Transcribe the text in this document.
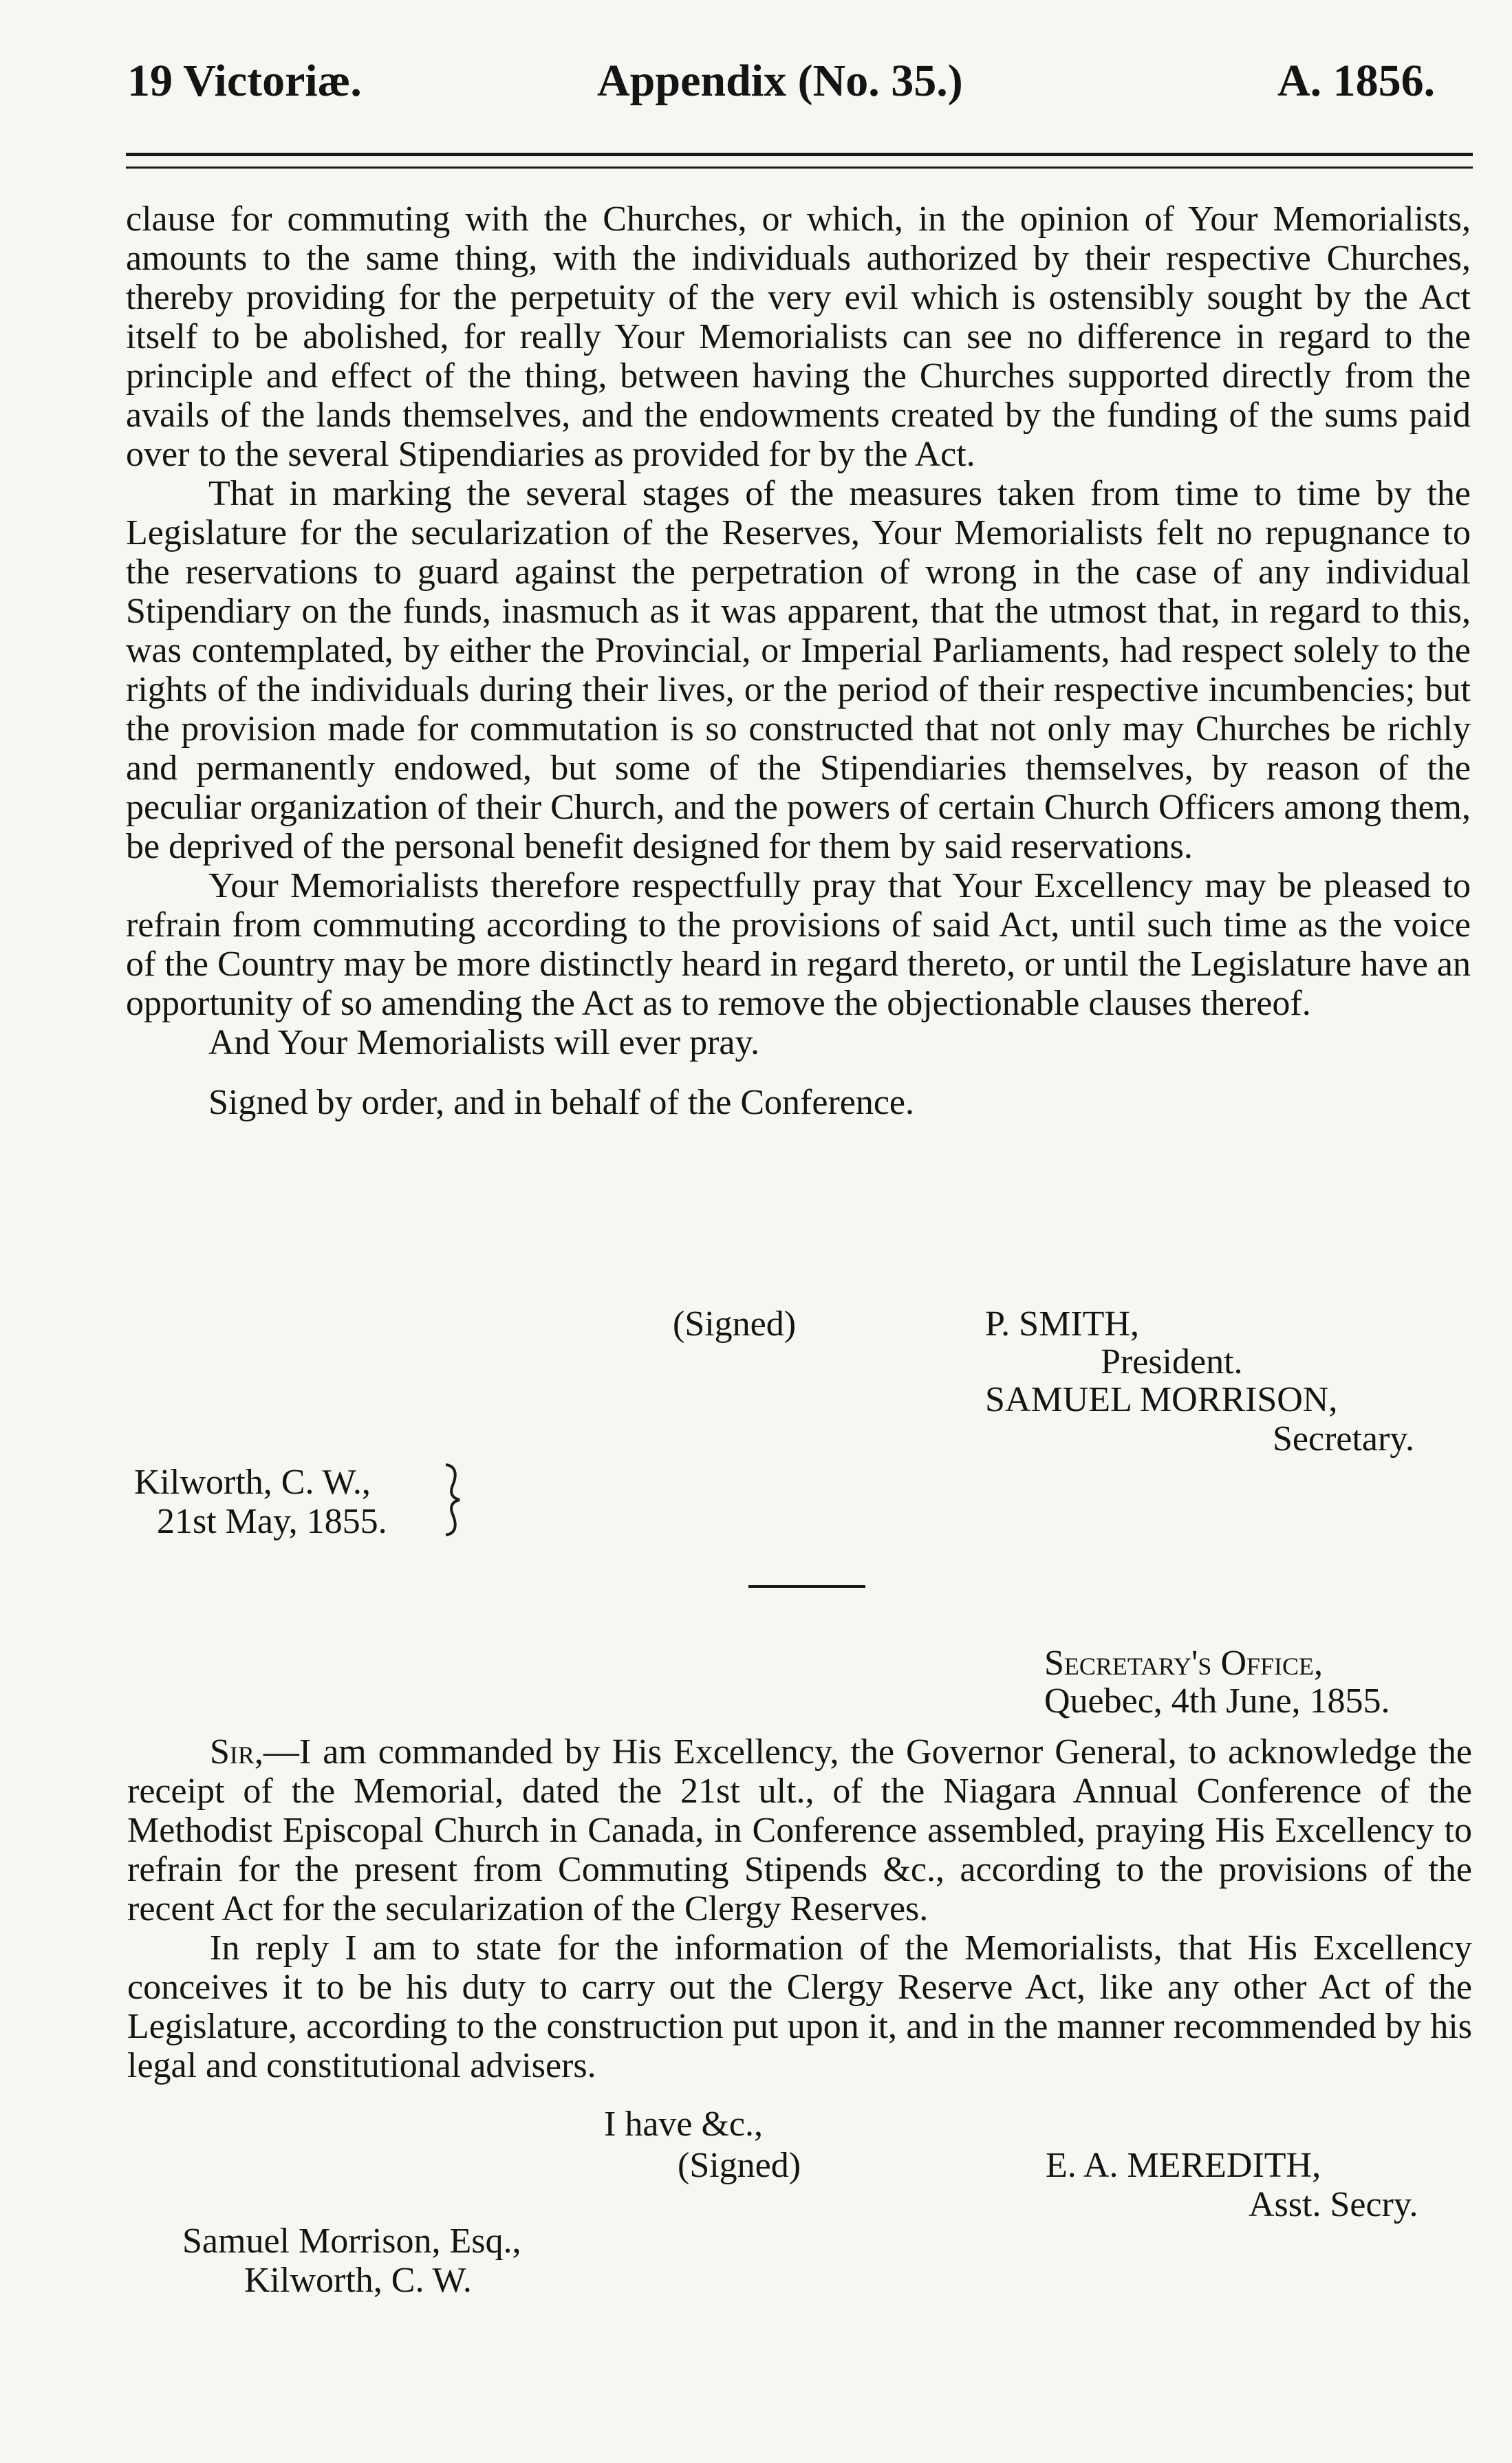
19 Victoriæ.	Appendix (No. 35.)	A. 1856.

clause for commuting with the Churches, or which, in the opinion of Your Memorialists, amounts to the same thing, with the individuals authorized by their respective Churches, thereby providing for the perpetuity of the very evil which is ostensibly sought by the Act itself to be abolished, for really Your Memorialists can see no difference in regard to the principle and effect of the thing, between having the Churches supported directly from the avails of the lands themselves, and the endowments created by the funding of the sums paid over to the several Stipendiaries as provided for by the Act.

That in marking the several stages of the measures taken from time to time by the Legislature for the secularization of the Reserves, Your Memorialists felt no repugnance to the reservations to guard against the perpetration of wrong in the case of any individual Stipendiary on the funds, inasmuch as it was apparent, that the utmost that, in regard to this, was contemplated, by either the Provincial, or Imperial Parliaments, had respect solely to the rights of the individuals during their lives, or the period of their respective incumbencies; but the provision made for commutation is so constructed that not only may Churches be richly and permanently endowed, but some of the Stipendiaries themselves, by reason of the peculiar organization of their Church, and the powers of certain Church Officers among them, be deprived of the personal benefit designed for them by said reservations.

Your Memorialists therefore respectfully pray that Your Excellency may be pleased to refrain from commuting according to the provisions of said Act, until such time as the voice of the Country may be more distinctly heard in regard thereto, or until the Legislature have an opportunity of so amending the Act as to remove the objectionable clauses thereof.

And Your Memorialists will ever pray.

Signed by order, and in behalf of the Conference.

(Signed)	P. SMITH,
President.
SAMUEL MORRISON,
Secretary.
Kilworth, C. W.,
21st May, 1855.
Secretary's Office,
Quebec, 4th June, 1855.

Sir,—I am commanded by His Excellency, the Governor General, to acknowledge the receipt of the Memorial, dated the 21st ult., of the Niagara Annual Conference of the Methodist Episcopal Church in Canada, in Conference assembled, praying His Excellency to refrain for the present from Commuting Stipends &c., according to the provisions of the recent Act for the secularization of the Clergy Reserves.

In reply I am to state for the information of the Memorialists, that His Excellency conceives it to be his duty to carry out the Clergy Reserve Act, like any other Act of the Legislature, according to the construction put upon it, and in the manner recommended by his legal and constitutional advisers.

I have &c.,
(Signed)	E. A. MEREDITH,
Asst. Secry.
Samuel Morrison, Esq.,
Kilworth, C. W.
